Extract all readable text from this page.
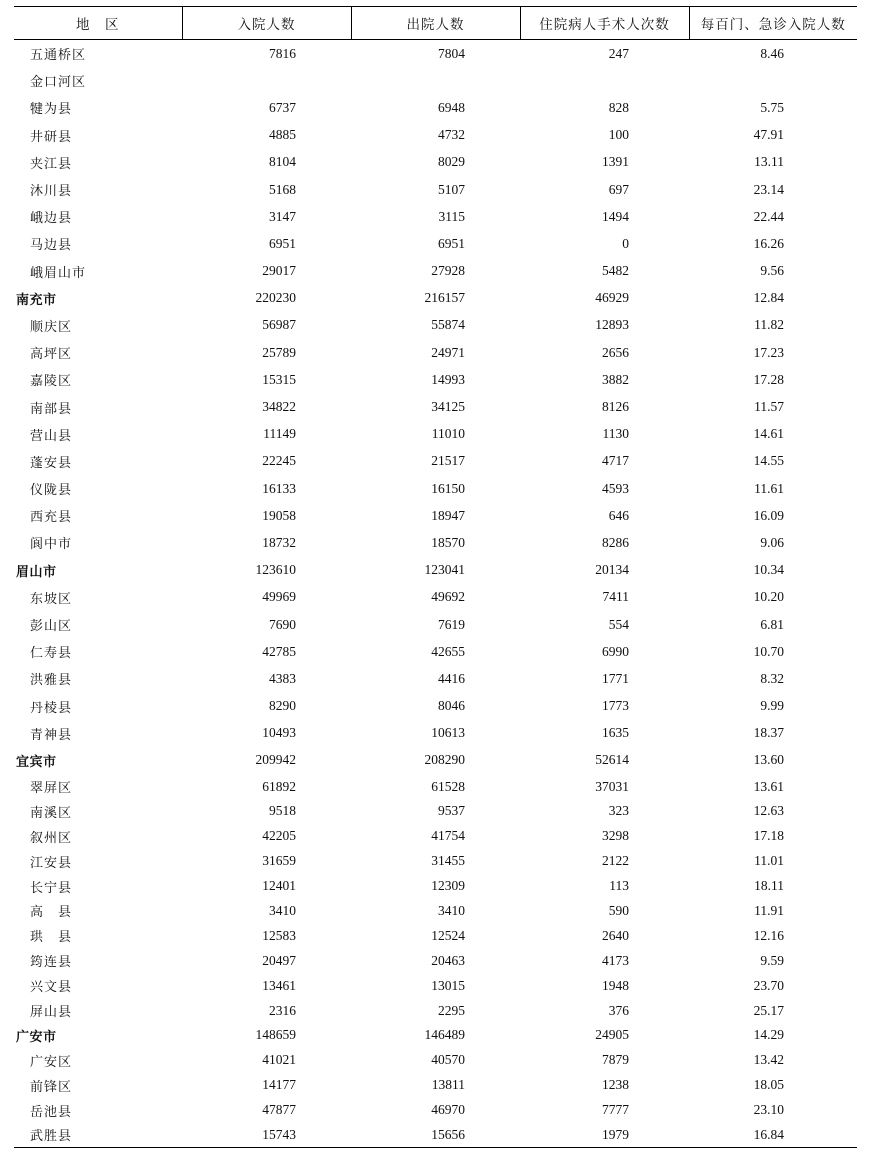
地　区	入院人数	出院人数	住院病人手术人次数	每百门、急诊入院人数
五通桥区	7816	7804	247	8.46
金口河区				
犍为县	6737	6948	828	5.75
井研县	4885	4732	100	47.91
夹江县	8104	8029	1391	13.11
沐川县	5168	5107	697	23.14
峨边县	3147	3115	1494	22.44
马边县	6951	6951	0	16.26
峨眉山市	29017	27928	5482	9.56
南充市	220230	216157	46929	12.84
顺庆区	56987	55874	12893	11.82
高坪区	25789	24971	2656	17.23
嘉陵区	15315	14993	3882	17.28
南部县	34822	34125	8126	11.57
营山县	11149	11010	1130	14.61
蓬安县	22245	21517	4717	14.55
仪陇县	16133	16150	4593	11.61
西充县	19058	18947	646	16.09
阆中市	18732	18570	8286	9.06
眉山市	123610	123041	20134	10.34
东坡区	49969	49692	7411	10.20
彭山区	7690	7619	554	6.81
仁寿县	42785	42655	6990	10.70
洪雅县	4383	4416	1771	8.32
丹棱县	8290	8046	1773	9.99
青神县	10493	10613	1635	18.37
宜宾市	209942	208290	52614	13.60
翠屏区	61892	61528	37031	13.61
南溪区	9518	9537	323	12.63
叙州区	42205	41754	3298	17.18
江安县	31659	31455	2122	11.01
长宁县	12401	12309	113	18.11
高　县	3410	3410	590	11.91
珙　县	12583	12524	2640	12.16
筠连县	20497	20463	4173	9.59
兴文县	13461	13015	1948	23.70
屏山县	2316	2295	376	25.17
广安市	148659	146489	24905	14.29
广安区	41021	40570	7879	13.42
前锋区	14177	13811	1238	18.05
岳池县	47877	46970	7777	23.10
武胜县	15743	15656	1979	16.84
